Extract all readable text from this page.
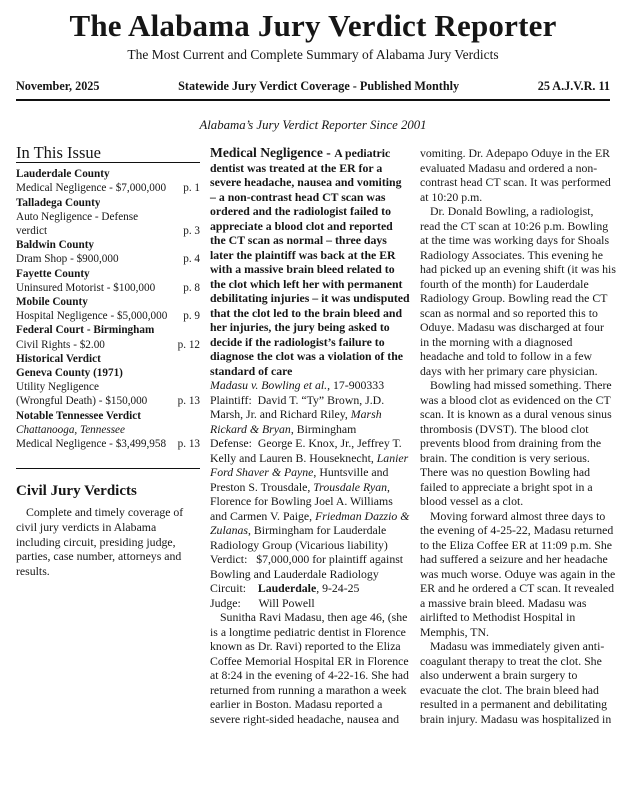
The Alabama Jury Verdict Reporter
The Most Current and Complete Summary of Alabama Jury Verdicts
November, 2025	Statewide Jury Verdict Coverage - Published Monthly	25 A.J.V.R. 11
Alabama’s Jury Verdict Reporter Since 2001
In This Issue
Lauderdale County
Medical Negligence - $7,000,000	p. 1
Talladega County
Auto Negligence - Defense
verdict	p. 3
Baldwin County
Dram Shop - $900,000	p. 4
Fayette County
Uninsured Motorist - $100,000	p. 8
Mobile County
Hospital Negligence - $5,000,000	p. 9
Federal Court - Birmingham
Civil Rights - $2.00	p. 12
Historical Verdict
Geneva County (1971)
Utility Negligence
(Wrongful Death) - $150,000	p. 13
Notable Tennessee Verdict
Chattanooga, Tennessee
Medical Negligence - $3,499,958	p. 13
Civil Jury Verdicts

Complete and timely coverage of civil jury verdicts in Alabama including circuit, presiding judge, parties, case number, attorneys and results.

Medical Negligence - A pediatric dentist was treated at the ER for a severe headache, nausea and vomiting – a non-contrast head CT scan was ordered and the radiologist failed to appreciate a blood clot and reported the CT scan as normal – three days later the plaintiff was back at the ER with a massive brain bleed related to the clot which left her with permanent debilitating injuries – it was undisputed that the clot led to the brain bleed and her injuries, the jury being asked to decide if the radiologist’s failure to diagnose the clot was a violation of the standard of care

Madasu v. Bowling et al., 17-900333

Plaintiff:  David T. “Ty” Brown, J.D. Marsh, Jr. and Richard Riley, Marsh Rickard & Bryan, Birmingham

Defense:  George E. Knox, Jr., Jeffrey T. Kelly and Lauren B. Houseknecht, Lanier Ford Shaver & Payne, Huntsville and Preston S. Trousdale, Trousdale Ryan, Florence for Bowling Joel A. Williams and Carmen V. Paige, Friedman Dazzio & Zulanas, Birmingham for Lauderdale Radiology Group (Vicarious liability)

Verdict:   $7,000,000 for plaintiff against Bowling and Lauderdale Radiology

Circuit:    Lauderdale, 9-24-25

Judge:      Will Powell

Sunitha Ravi Madasu, then age 46, (she is a longtime pediatric dentist in Florence known as Dr. Ravi) reported to the Eliza Coffee Memorial Hospital ER in Florence at 8:24 in the evening of 4-22-16. She had returned from running a marathon a week earlier in Boston. Madasu reported a severe right-sided headache, nausea and

vomiting. Dr. Adepapo Oduye in the ER evaluated Madasu and ordered a non-contrast head CT scan. It was performed at 10:20 p.m.

Dr. Donald Bowling, a radiologist, read the CT scan at 10:26 p.m. Bowling at the time was working days for Shoals Radiology Associates. This evening he had picked up an evening shift (it was his fourth of the month) for Lauderdale Radiology Group. Bowling read the CT scan as normal and so reported this to Oduye. Madasu was discharged at four in the morning with a diagnosed headache and told to follow in a few days with her primary care physician.

Bowling had missed something. There was a blood clot as evidenced on the CT scan. It is known as a dural venous sinus thrombosis (DVST). The blood clot prevents blood from draining from the brain. The condition is very serious. There was no question Bowling had failed to appreciate a bright spot in a blood vessel as a clot.

Moving forward almost three days to the evening of 4-25-22, Madasu returned to the Eliza Coffee ER at 11:09 p.m. She had suffered a seizure and her headache was much worse. Oduye was again in the ER and he ordered a CT scan. It revealed a massive brain bleed. Madasu was airlifted to Methodist Hospital in Memphis, TN.

Madasu was immediately given anti-coagulant therapy to treat the clot. She also underwent a brain surgery to evacuate the clot. The brain bleed had resulted in a permanent and debilitating brain injury. Madasu was hospitalized in
